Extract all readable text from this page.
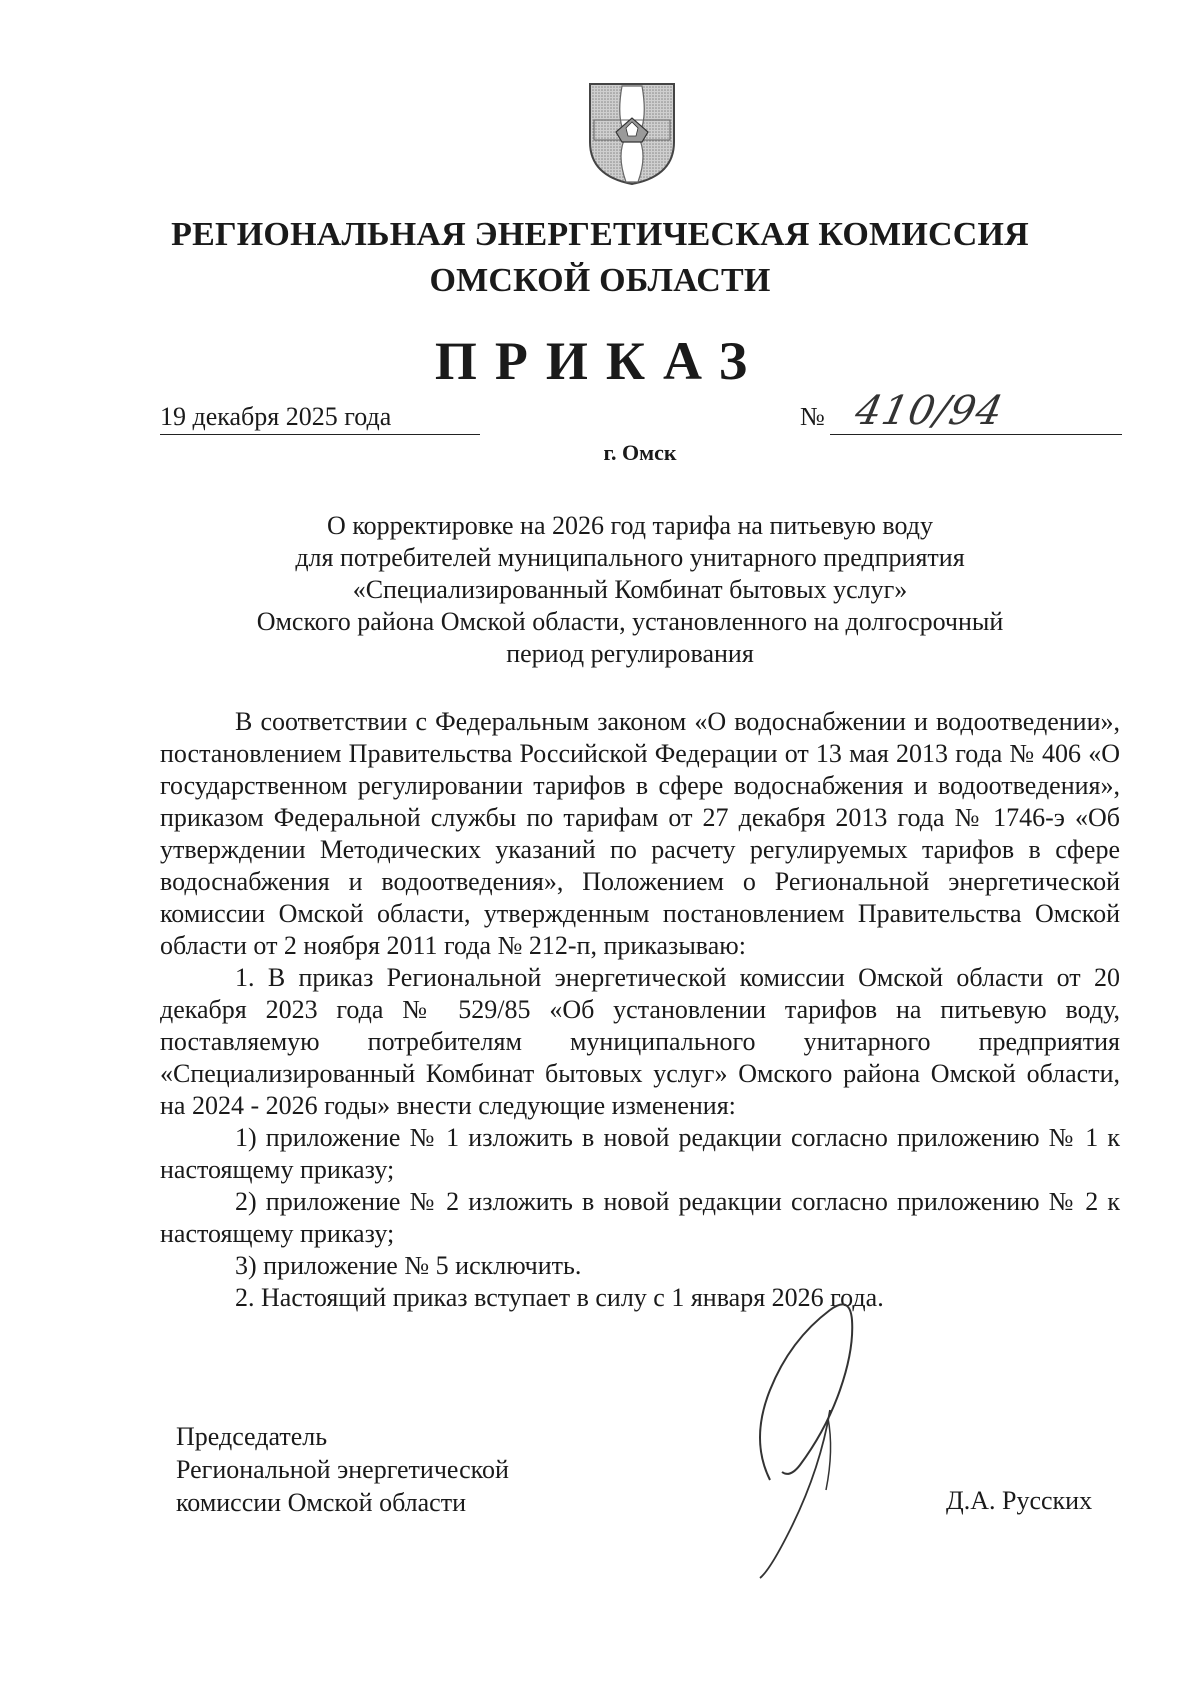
РЕГИОНАЛЬНАЯ ЭНЕРГЕТИЧЕСКАЯ КОМИССИЯ
ОМСКОЙ ОБЛАСТИ
ПРИКАЗ
19 декабря 2025 года	№ 410/94
г. Омск
О корректировке на 2026 год тарифа на питьевую воду
для потребителей муниципального унитарного предприятия
«Специализированный Комбинат бытовых услуг»
Омского района Омской области, установленного на долгосрочный
период регулирования

В соответствии с Федеральным законом «О водоснабжении и водоотведении», постановлением Правительства Российской Федерации от 13 мая 2013 года № 406 «О государственном регулировании тарифов в сфере водоснабжения и водоотведения», приказом Федеральной службы по тарифам от 27 декабря 2013 года № 1746-э «Об утверждении Методических указаний по расчету регулируемых тарифов в сфере водоснабжения и водоотведения», Положением о Региональной энергетической комиссии Омской области, утвержденным постановлением Правительства Омской области от 2 ноября 2011 года № 212-п, приказываю:

1. В приказ Региональной энергетической комиссии Омской области от 20 декабря 2023 года № 529/85 «Об установлении тарифов на питьевую воду, поставляемую потребителям муниципального унитарного предприятия «Специализированный Комбинат бытовых услуг» Омского района Омской области, на 2024 - 2026 годы» внести следующие изменения:

1) приложение № 1 изложить в новой редакции согласно приложению № 1 к настоящему приказу;

2) приложение № 2 изложить в новой редакции согласно приложению № 2 к настоящему приказу;

3) приложение № 5 исключить.

2. Настоящий приказ вступает в силу с 1 января 2026 года.

Председатель
Региональной энергетической
комиссии Омской области	Д.А. Русских
